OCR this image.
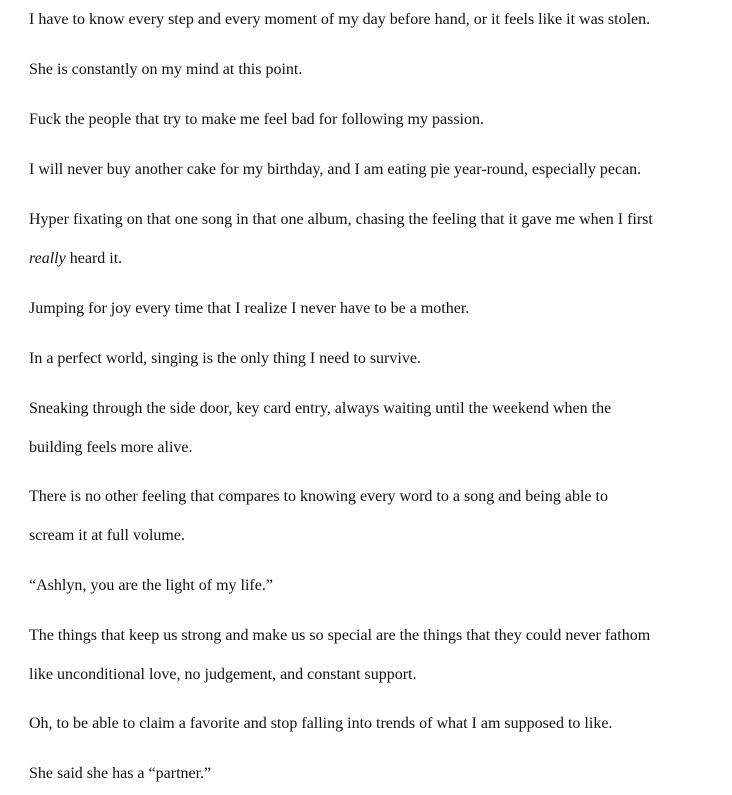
I have to know every step and every moment of my day before hand, or it feels like it was stolen.

She is constantly on my mind at this point.

Fuck the people that try to make me feel bad for following my passion.

I will never buy another cake for my birthday, and I am eating pie year-round, especially pecan.

Hyper fixating on that one song in that one album, chasing the feeling that it gave me when I first
really heard it.

Jumping for joy every time that I realize I never have to be a mother.

In a perfect world, singing is the only thing I need to survive.

Sneaking through the side door, key card entry, always waiting until the weekend when the
building feels more alive.

There is no other feeling that compares to knowing every word to a song and being able to
scream it at full volume.

“Ashlyn, you are the light of my life.”

The things that keep us strong and make us so special are the things that they could never fathom
like unconditional love, no judgement, and constant support.

Oh, to be able to claim a favorite and stop falling into trends of what I am supposed to like.

She said she has a “partner.”
